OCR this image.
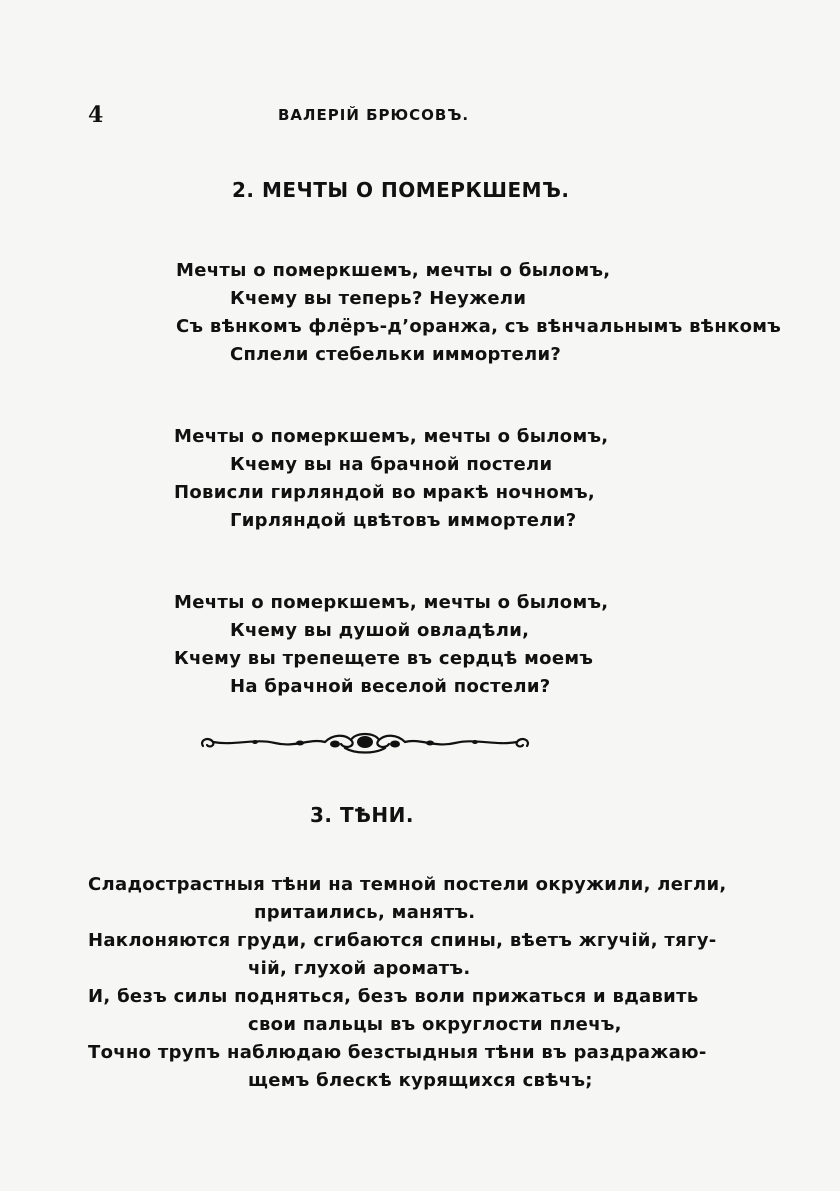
4	ВАЛЕРIЙ БРЮСОВЪ.
2. МЕЧТЫ О ПОМЕРКШЕМЪ.
Мечты о померкшемъ, мечты о быломъ,
Кчему вы теперь? Неужели
Съ вѣнкомъ флёръ-д’оранжа, съ вѣнчальнымъ вѣнкомъ
Сплели стебельки иммортели?
Мечты о померкшемъ, мечты о быломъ,
Кчему вы на брачной постели
Повисли гирляндой во мракѣ ночномъ,
Гирляндой цвѣтовъ иммортели?
Мечты о померкшемъ, мечты о быломъ,
Кчему вы душой овладѣли,
Кчему вы трепещете въ сердцѣ моемъ
На брачной веселой постели?
3. ТѢНИ.
Сладострастныя тѣни на темной постели окружили, легли,
притаились, манятъ.
Наклоняются груди, сгибаются спины, вѣетъ жгучiй, тягу-
чiй, глухой ароматъ.
И, безъ силы подняться, безъ воли прижаться и вдавить
свои пальцы въ округлости плечъ,
Точно трупъ наблюдаю безстыдныя тѣни въ раздражаю-
щемъ блескѣ курящихся свѣчъ;
